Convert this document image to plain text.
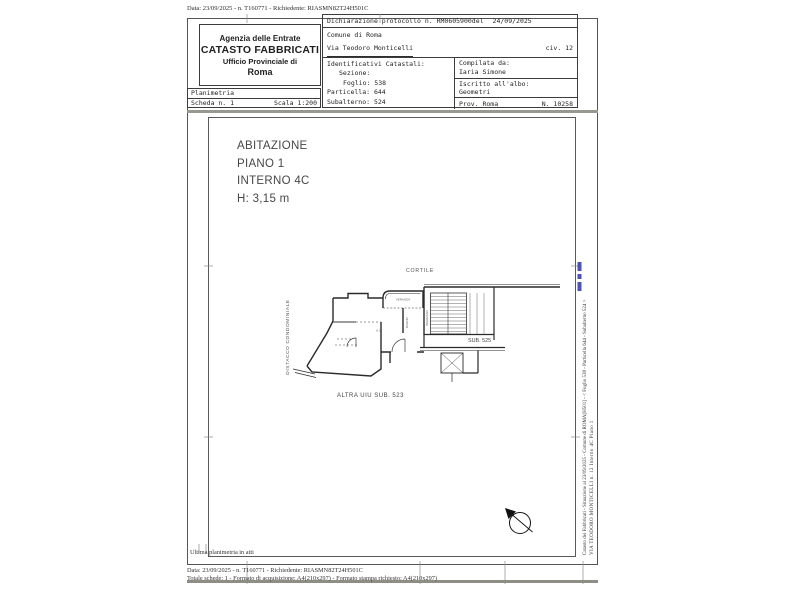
Data: 23/09/2025 - n. T160771 - Richiedente: RIASMN82T24H501C
Agenzia delle Entrate
CATASTO FABBRICATI
Ufficio Provinciale di
Roma
Planimetria
Scheda n. 1	Scala 1:200
Dichiarazione protocollo n. RM0605900del 24/09/2025
Comune di Roma
Via Teodoro Monticelli	civ. 12
Identificativi Catastali:
Sezione:
Foglio: 538
Particella: 644
Subalterno: 524
Compilata da:
Iaria Simone
Iscritto all'albo:
Geometri
Prov. Roma	N. 10258
ABITAZIONE
PIANO 1
INTERNO 4C
H: 3,15 m
CORTILE
DISTACCO CONDOMINIALE	SUB. 525
ALTRA UIU SUB. 523
VERANDA
A.C.
BAGNO	INGRESSO	Catasto dei Fabbricati - Situazione al 23/09/2025 - Comune di ROMA[H501] - < Foglio 538 - Particella 644 - Subalterno 524 > VIA TEODORO MONTICELLI n. 12 Interno 4C Piano 1
Ultima planimetria in atti
Data: 23/09/2025 - n. T160771 - Richiedente: RIASMN82T24H501C
Totale schede: 1 - Formato di acquisizione: A4(210x297) - Formato stampa richiesto: A4(210x297)
